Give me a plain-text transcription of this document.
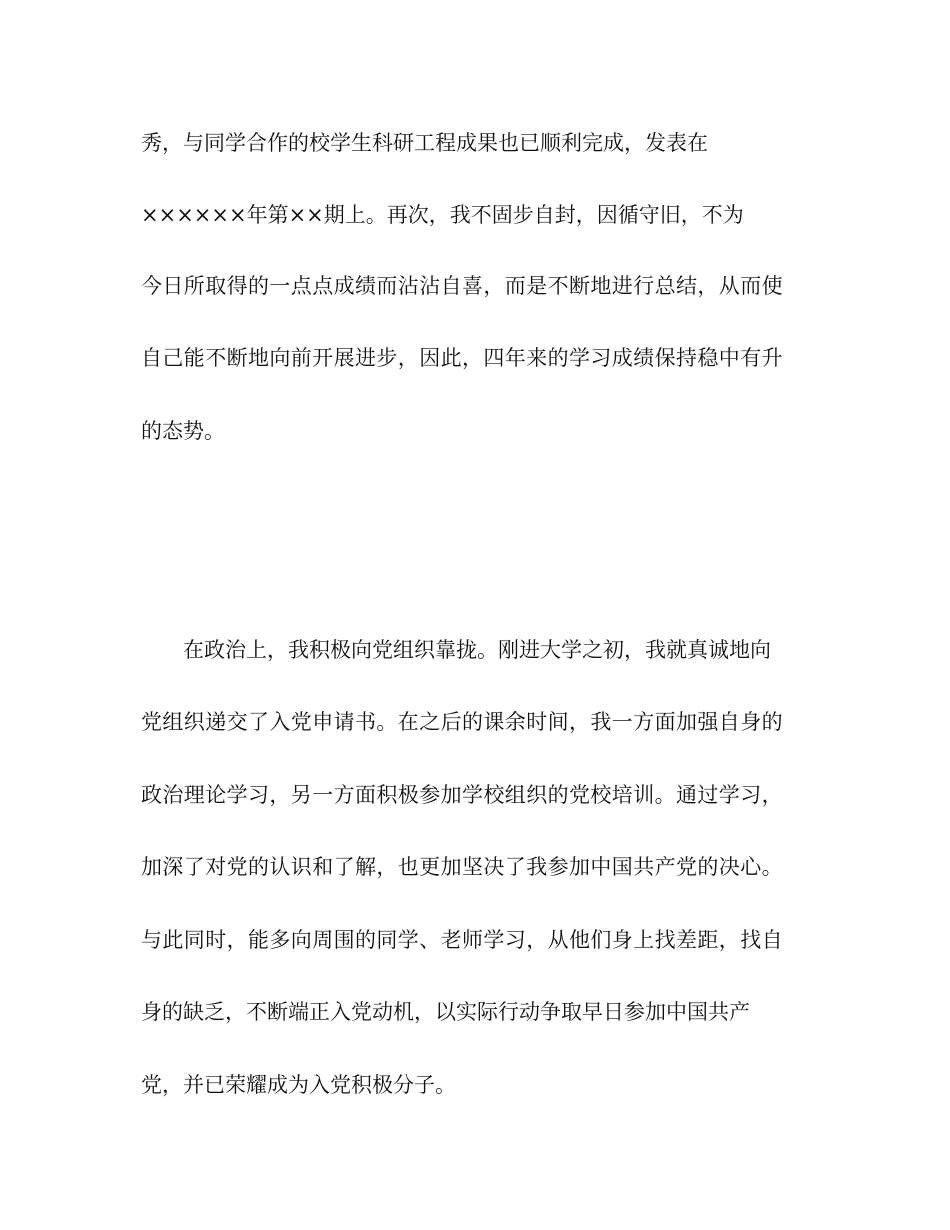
秀，与同学合作的校学生科研工程成果也已顺利完成，发表在
××××××年第××期上。再次，我不固步自封，因循守旧，不为
今日所取得的一点点成绩而沾沾自喜，而是不断地进行总结，从而使
自己能不断地向前开展进步，因此，四年来的学习成绩保持稳中有升
的态势。
在政治上，我积极向党组织靠拢。刚进大学之初，我就真诚地向
党组织递交了入党申请书。在之后的课余时间，我一方面加强自身的
政治理论学习，另一方面积极参加学校组织的党校培训。通过学习，
加深了对党的认识和了解，也更加坚决了我参加中国共产党的决心。
与此同时，能多向周围的同学、老师学习，从他们身上找差距，找自
身的缺乏，不断端正入党动机，以实际行动争取早日参加中国共产
党，并已荣耀成为入党积极分子。
